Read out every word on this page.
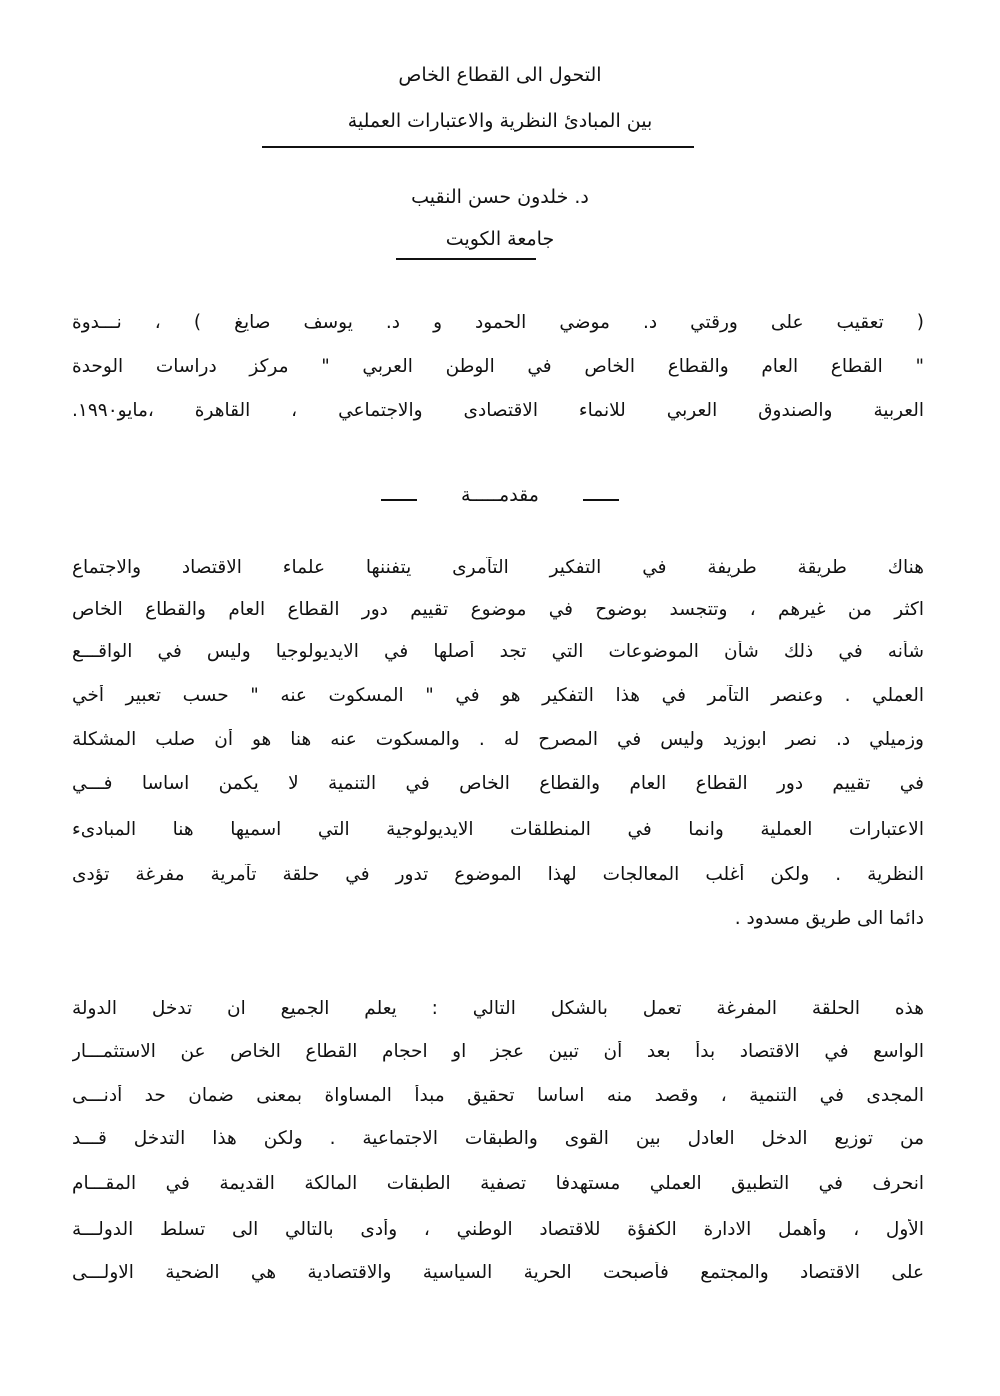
التحول الى القطاع الخاص
بين المبادئ النظرية والاعتبارات العملية
د. خلدون حسن النقيب
جامعة الكويت
( تعقيب على ورقتي د. موضي الحمود و د. يوسف صايغ ) ، نـــدوة
" القطاع العام والقطاع الخاص في الوطن العربي " مركز دراسات الوحدة
العربية والصندوق العربي للانماء الاقتصادى والاجتماعي ، القاهرة ،مايو١٩٩٠.
مقدمـــــة
هناك طريقة طريفة في التفكير التآمرى يتفننها علماء الاقتصاد والاجتماع
اكثر من غيرهم ، وتتجسد بوضوح في موضوع تقييم دور القطاع العام والقطاع الخاص
شأنه في ذلك شأن الموضوعات التي تجد أصلها في الايديولوجيا وليس في الواقـــع
العملي . وعنصر التآمر في هذا التفكير هو في " المسكوت عنه " حسب تعبير أخي
وزميلي د. نصر ابوزيد وليس في المصرح له . والمسكوت عنه هنا هو أن صلب المشكلة
في تقييم دور القطاع العام والقطاع الخاص في التنمية لا يكمن اساسا فـــي
الاعتبارات العملية وانما في المنطلقات الايديولوجية التي اسميها هنا المبادىء
النظرية . ولكن أغلب المعالجات لهذا الموضوع تدور في حلقة تآمرية مفرغة تؤدى
دائما الى طريق مسدود .
هذه الحلقة المفرغة تعمل بالشكل التالي : يعلم الجميع ان تدخل الدولة
الواسع في الاقتصاد بدأ بعد أن تبين عجز او احجام القطاع الخاص عن الاستثمـــار
المجدى في التنمية ، وقصد منه اساسا تحقيق مبدأ المساواة بمعنى ضمان حد أدنـــى
من توزيع الدخل العادل بين القوى والطبقات الاجتماعية . ولكن هذا التدخل قـــد
انحرف في التطبيق العملي مستهدفا تصفية الطبقات المالكة القديمة في المقـــام
الأول ، وأهمل الادارة الكفؤة للاقتصاد الوطني ، وأدى بالتالي الى تسلط الدولـــة
على الاقتصاد والمجتمع فأصبحت الحرية السياسية والاقتصادية هي الضحية الاولـــى
